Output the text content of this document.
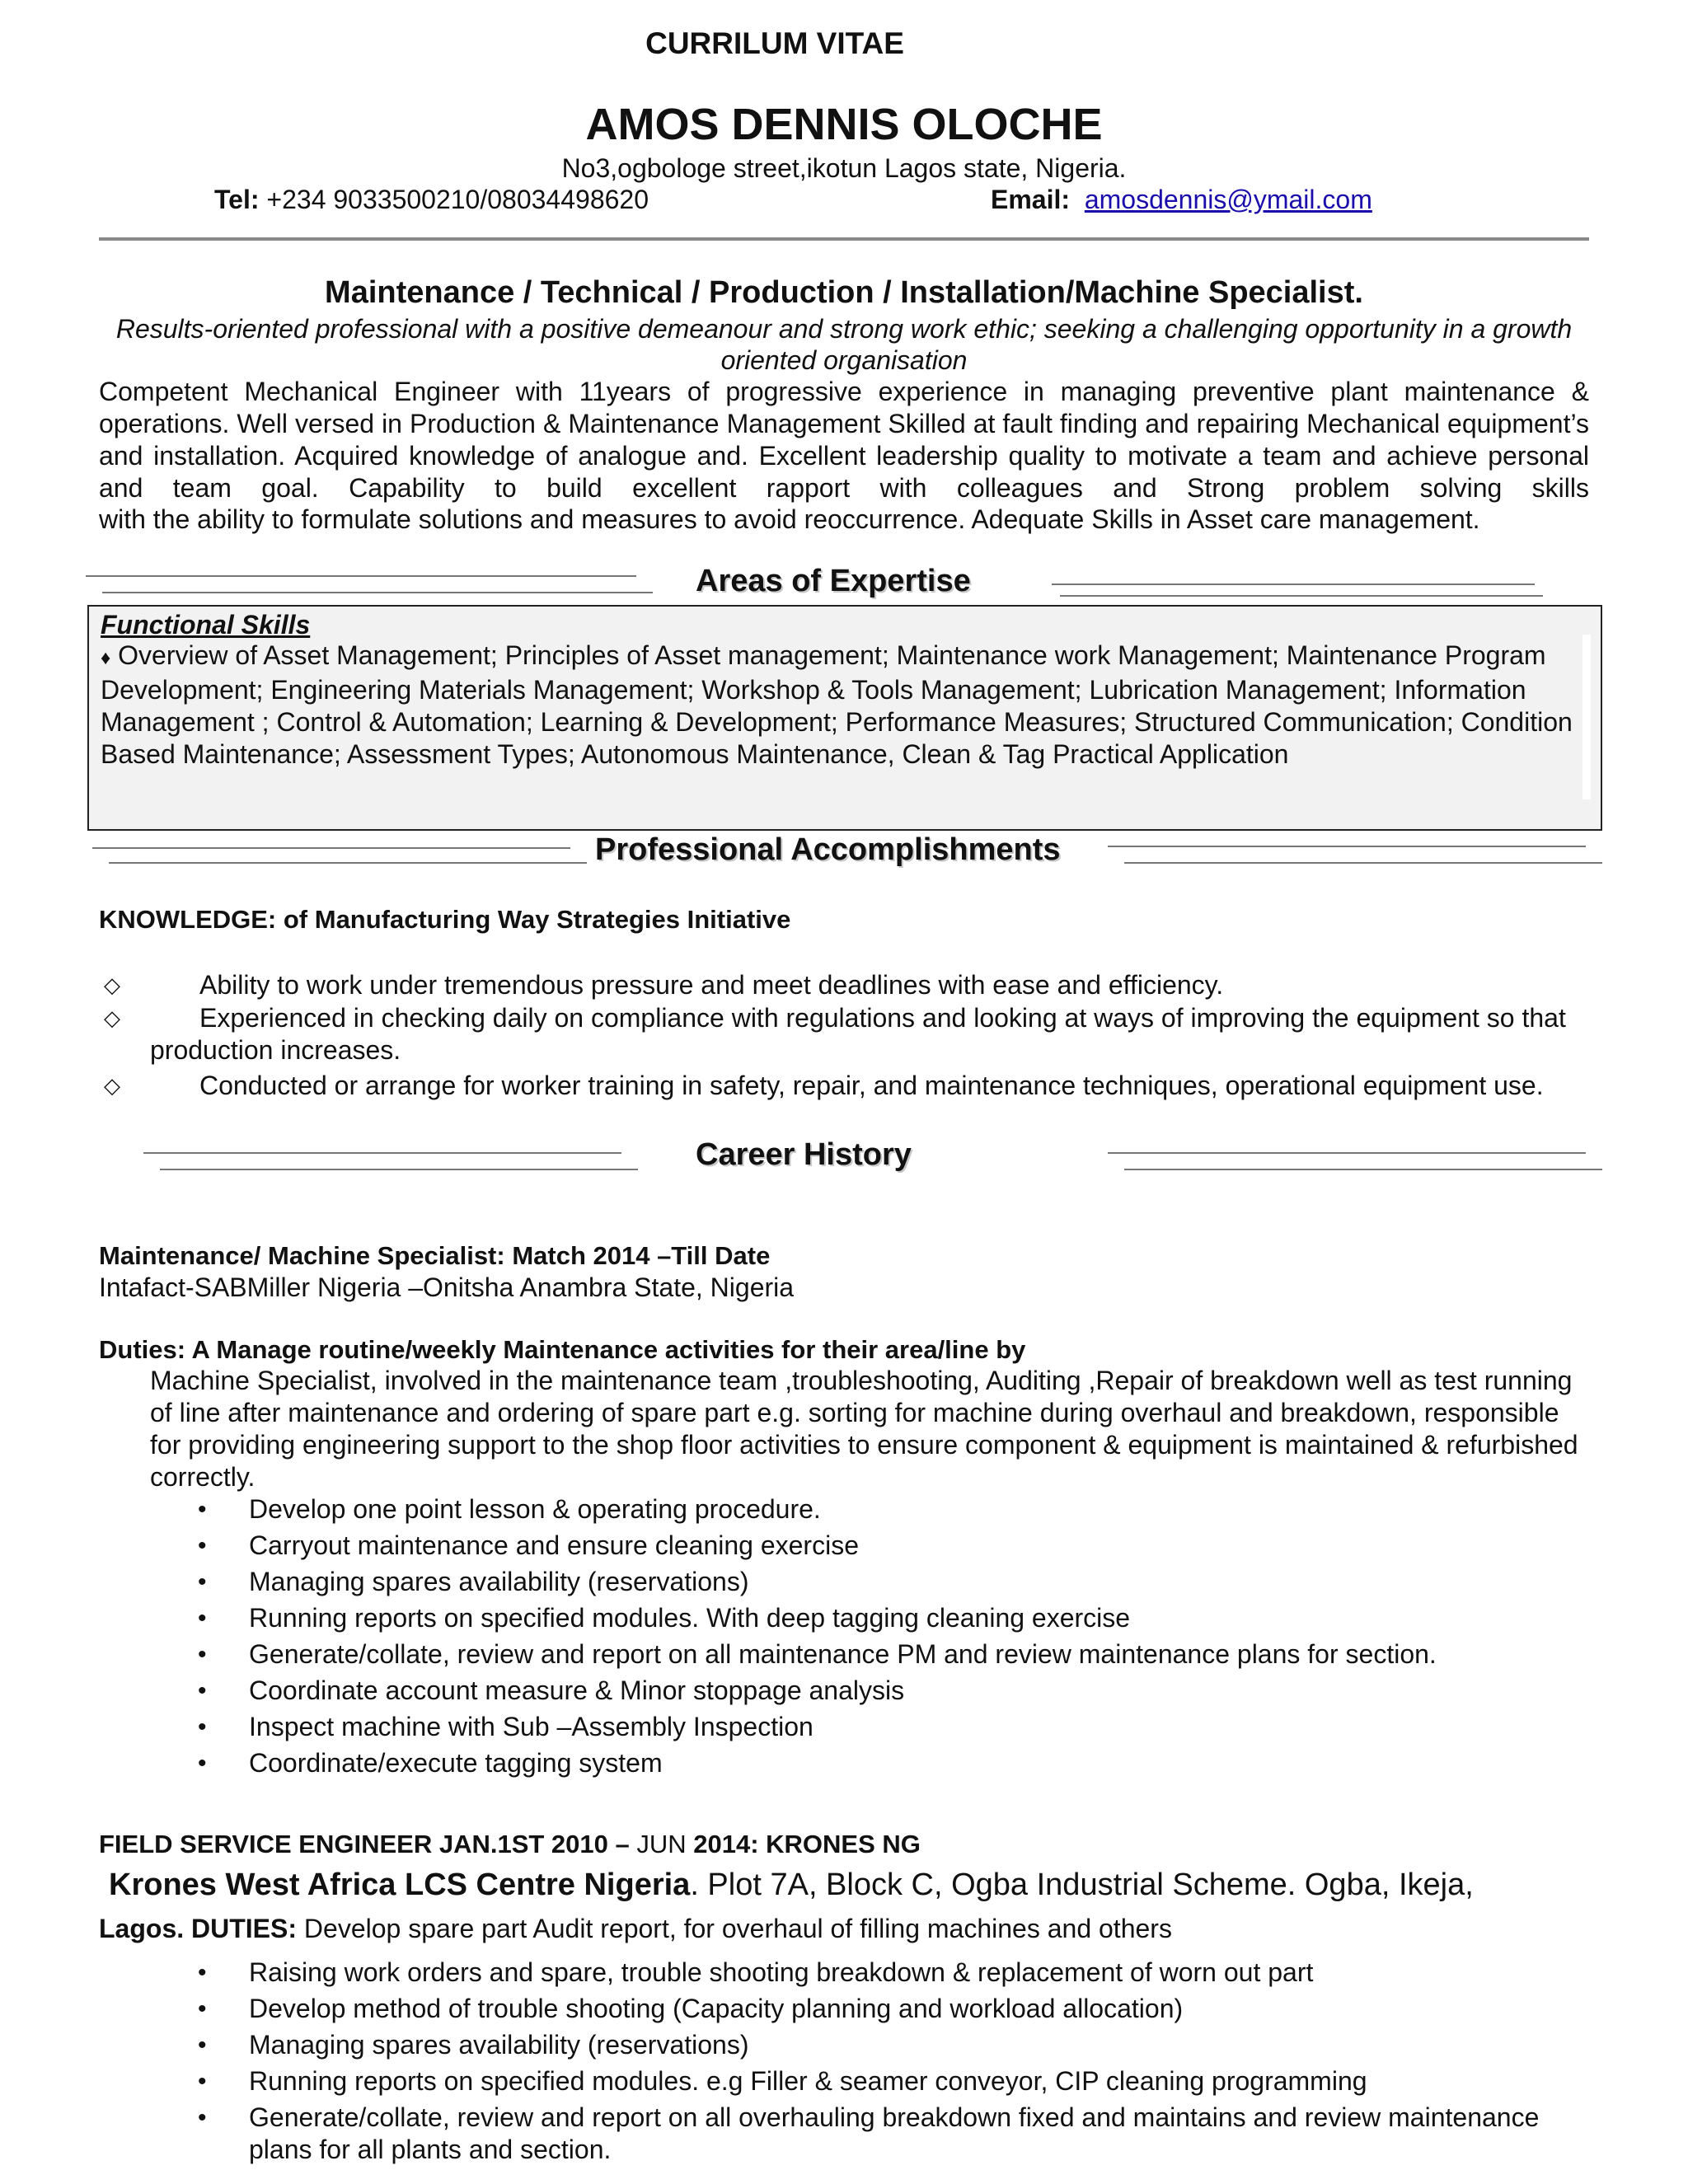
CURRILUM VITAE
AMOS DENNIS OLOCHE
No3,ogbologe street,ikotun Lagos state, Nigeria.
Tel: +234 9033500210/08034498620	Email: amosdennis@ymail.com
Maintenance / Technical / Production / Installation/Machine Specialist.
Results-oriented professional with a positive demeanour and strong work ethic; seeking a challenging opportunity in a growth oriented organisation
Competent Mechanical Engineer with 11years of progressive experience in managing preventive plant maintenance & operations. Well versed in Production & Maintenance Management Skilled at fault finding and repairing Mechanical equipment’s and installation. Acquired knowledge of analogue and. Excellent leadership quality to motivate a team and achieve personal and team goal. Capability to build excellent rapport with colleagues and Strong problem solving skills
with the ability to formulate solutions and measures to avoid reoccurrence. Adequate Skills in Asset care management.
Areas of Expertise
Functional Skills
♦ Overview of Asset Management; Principles of Asset management; Maintenance work Management; Maintenance Program Development; Engineering Materials Management; Workshop & Tools Management; Lubrication Management; Information Management ; Control & Automation; Learning & Development; Performance Measures; Structured Communication; Condition Based Maintenance; Assessment Types; Autonomous Maintenance, Clean & Tag Practical Application
Professional Accomplishments
KNOWLEDGE: of Manufacturing Way Strategies Initiative
◇	Ability to work under tremendous pressure and meet deadlines with ease and efficiency.
◇	Experienced in checking daily on compliance with regulations and looking at ways of improving the equipment so that production increases.
◇	Conducted or arrange for worker training in safety, repair, and maintenance techniques, operational equipment use.
Career History
Maintenance/ Machine Specialist: Match 2014 –Till Date
Intafact-SABMiller Nigeria –Onitsha Anambra State, Nigeria
Duties: A Manage routine/weekly Maintenance activities for their area/line by
Machine Specialist, involved in the maintenance team ,troubleshooting, Auditing ,Repair of breakdown well as test running of line after maintenance and ordering of spare part e.g. sorting for machine during overhaul and breakdown, responsible for providing engineering support to the shop floor activities to ensure component & equipment is maintained & refurbished correctly.
• Develop one point lesson & operating procedure.
• Carryout maintenance and ensure cleaning exercise
• Managing spares availability (reservations)
• Running reports on specified modules. With deep tagging cleaning exercise
• Generate/collate, review and report on all maintenance PM and review maintenance plans for section.
• Coordinate account measure & Minor stoppage analysis
• Inspect machine with Sub –Assembly Inspection
• Coordinate/execute tagging system
FIELD SERVICE ENGINEER JAN.1ST 2010 – JUN 2014: KRONES NG
Krones West Africa LCS Centre Nigeria. Plot 7A, Block C, Ogba Industrial Scheme. Ogba, Ikeja,
Lagos. DUTIES: Develop spare part Audit report, for overhaul of filling machines and others
• Raising work orders and spare, trouble shooting breakdown & replacement of worn out part
• Develop method of trouble shooting (Capacity planning and workload allocation)
• Managing spares availability (reservations)
• Running reports on specified modules. e.g Filler & seamer conveyor, CIP cleaning programming
• Generate/collate, review and report on all overhauling breakdown fixed and maintains and review maintenance plans for all plants and section.
